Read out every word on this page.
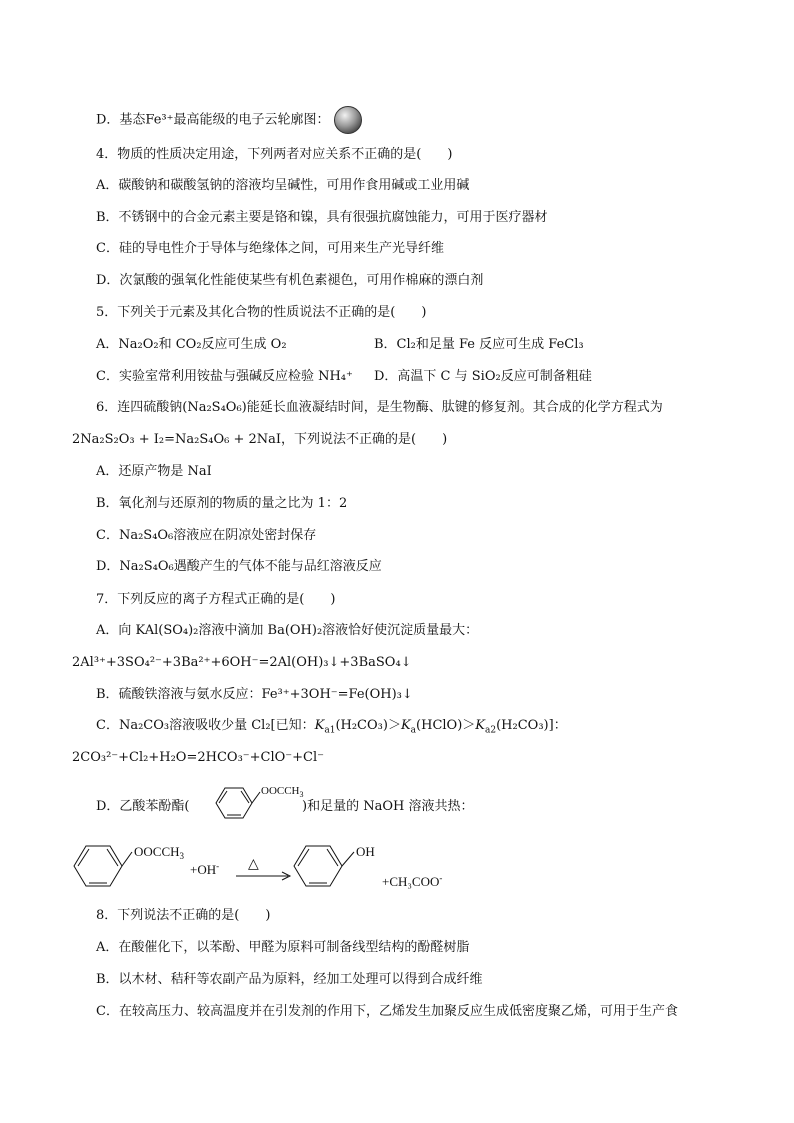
D．基态Fe³⁺最高能级的电子云轮廓图：
4．物质的性质决定用途，下列两者对应关系不正确的是(　　)
A．碳酸钠和碳酸氢钠的溶液均呈碱性，可用作食用碱或工业用碱
B．不锈钢中的合金元素主要是铬和镍，具有很强抗腐蚀能力，可用于医疗器材
C．硅的导电性介于导体与绝缘体之间，可用来生产光导纤维
D．次氯酸的强氧化性能使某些有机色素褪色，可用作棉麻的漂白剂
5．下列关于元素及其化合物的性质说法不正确的是(　　)
A．Na₂O₂和 CO₂反应可生成 O₂	B．Cl₂和足量 Fe 反应可生成 FeCl₃
C．实验室常利用铵盐与强碱反应检验 NH₄⁺ D．高温下 C 与 SiO₂反应可制备粗硅
6．连四硫酸钠(Na₂S₄O₆)能延长血液凝结时间，是生物酶、肽键的修复剂。其合成的化学方程式为
2Na₂S₂O₃ + I₂=Na₂S₄O₆ + 2NaI，下列说法不正确的是(　　)
A．还原产物是 NaI
B．氧化剂与还原剂的物质的量之比为 1：2
C．Na₂S₄O₆溶液应在阴凉处密封保存
D．Na₂S₄O₆遇酸产生的气体不能与品红溶液反应
7．下列反应的离子方程式正确的是(　　)
A．向 KAl(SO₄)₂溶液中滴加 Ba(OH)₂溶液恰好使沉淀质量最大：
2Al³⁺+3SO₄²⁻+3Ba²⁺+6OH⁻=2Al(OH)₃↓+3BaSO₄↓
B．硫酸铁溶液与氨水反应：Fe³⁺+3OH⁻=Fe(OH)₃↓
C．Na₂CO₃溶液吸收少量 Cl₂[已知：$K_{a1}(H_2CO_3)>K_a(HClO)>K_{a2}(H_2CO_3)$]：
2CO₃²⁻+Cl₂+H₂O=2HCO₃⁻+ClO⁻+Cl⁻
D．乙酸苯酚酯(
$OOCCH_3$
)和足量的 NaOH 溶液共热：
$OOCCH_3$
+OH- △
OH
+CH₃COO-
8．下列说法不正确的是(　　)
A．在酸催化下，以苯酚、甲醛为原料可制备线型结构的酚醛树脂
B．以木材、秸秆等农副产品为原料，经加工处理可以得到合成纤维
C．在较高压力、较高温度并在引发剂的作用下，乙烯发生加聚反应生成低密度聚乙烯，可用于生产食
